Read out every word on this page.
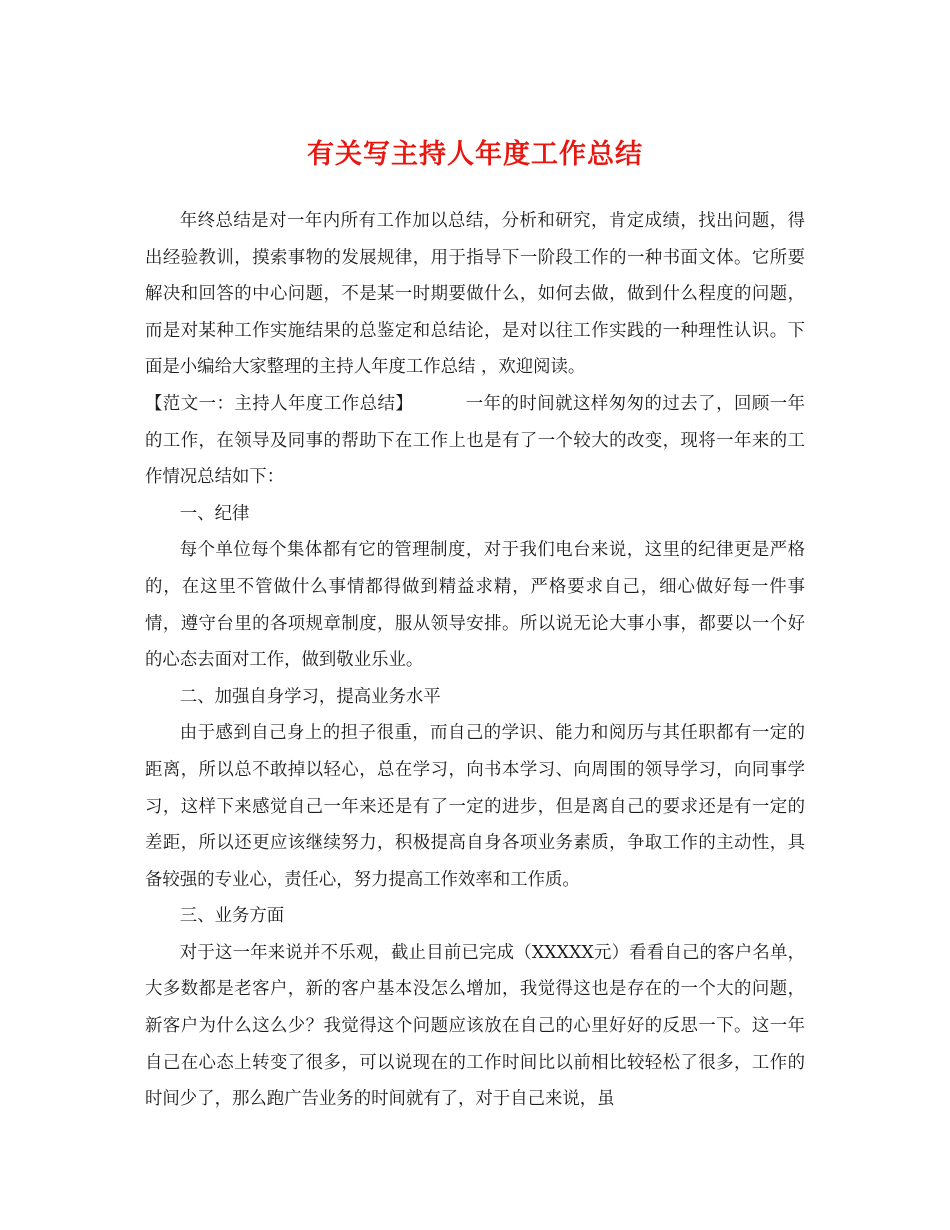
有关写主持人年度工作总结

年终总结是对一年内所有工作加以总结，分析和研究，肯定成绩，找出问题，得出经验教训，摸索事物的发展规律，用于指导下一阶段工作的一种书面文体。它所要解决和回答的中心问题，不是某一时期要做什么，如何去做，做到什么程度的问题，而是对某种工作实施结果的总鉴定和总结论，是对以往工作实践的一种理性认识。下面是小编给大家整理的主持人年度工作总结 ，欢迎阅读。

【范文一：主持人年度工作总结】	一年的时间就这样匆匆的过去了，回顾一年的工作，在领导及同事的帮助下在工作上也是有了一个较大的改变，现将一年来的工作情况总结如下：

一、纪律

每个单位每个集体都有它的管理制度，对于我们电台来说，这里的纪律更是严格的，在这里不管做什么事情都得做到精益求精，严格要求自己，细心做好每一件事情，遵守台里的各项规章制度，服从领导安排。所以说无论大事小事，都要以一个好的心态去面对工作，做到敬业乐业。

二、加强自身学习，提高业务水平

由于感到自己身上的担子很重，而自己的学识、能力和阅历与其任职都有一定的距离，所以总不敢掉以轻心，总在学习，向书本学习、向周围的领导学习，向同事学习，这样下来感觉自己一年来还是有了一定的进步，但是离自己的要求还是有一定的差距，所以还更应该继续努力，积极提高自身各项业务素质，争取工作的主动性，具备较强的专业心，责任心，努力提高工作效率和工作质。

三、业务方面

对于这一年来说并不乐观，截止目前已完成（XXXXX元）看看自己的客户名单，大多数都是老客户，新的客户基本没怎么增加，我觉得这也是存在的一个大的问题，新客户为什么这么少？我觉得这个问题应该放在自己的心里好好的反思一下。这一年自己在心态上转变了很多，可以说现在的工作时间比以前相比较轻松了很多，工作的时间少了，那么跑广告业务的时间就有了，对于自己来说，虽
